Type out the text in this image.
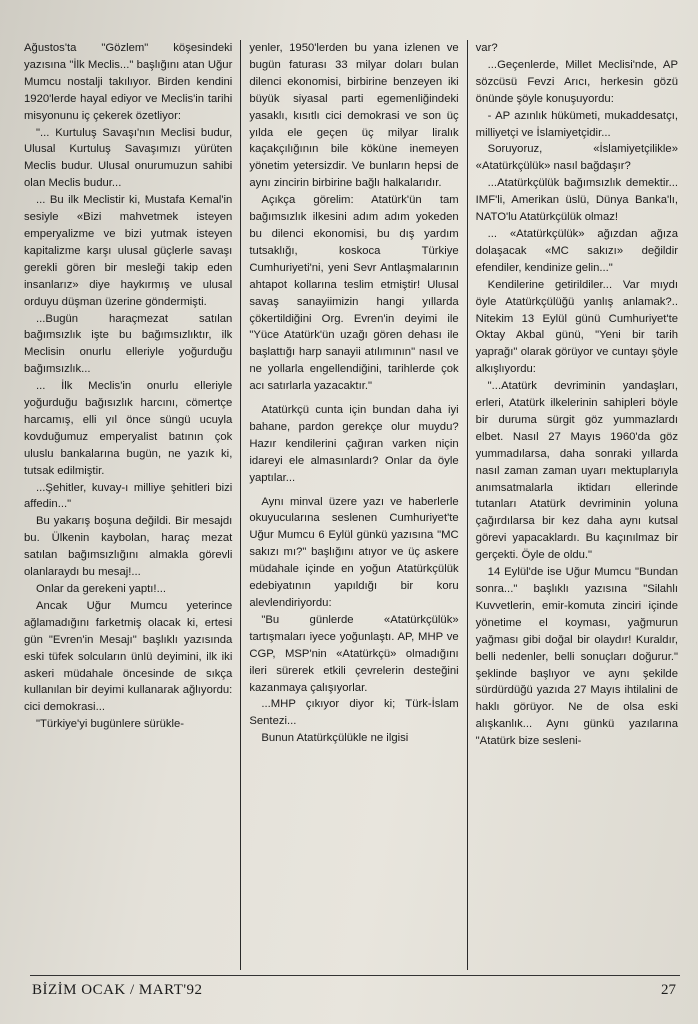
Ağustos'ta "Gözlem" köşesindeki yazısına "İlk Meclis..." başlığını atan Uğur Mumcu nostalji takılıyor. Birden kendini 1920'lerde hayal ediyor ve Meclis'in tarihi misyonunu iç çekerek özetliyor:

"... Kurtuluş Savaşı'nın Meclisi budur, Ulusal Kurtuluş Savaşımızı yürüten Meclis budur. Ulusal onurumuzun sahibi olan Meclis budur...

... Bu ilk Meclistir ki, Mustafa Kemal'in sesiyle «Bizi mahvetmek isteyen emperyalizme ve bizi yutmak isteyen kapitalizme karşı ulusal güçlerle savaşı gerekli gören bir mesleği takip eden insanlarız» diye haykırmış ve ulusal orduyu düşman üzerine göndermişti.

...Bugün haraçmezat satılan bağımsızlık işte bu bağımsızlıktır, ilk Meclisin onurlu elleriyle yoğurduğu bağımsızlık...

... İlk Meclis'in onurlu elleriyle yoğurduğu bağısızlık harcını, cömertçe harcamış, elli yıl önce süngü ucuyla kovduğumuz emperyalist batının çok uluslu bankalarına bugün, ne yazık ki, tutsak edilmiştir.

...Şehitler, kuvay-ı milliye şehitleri bizi affedin..."

Bu yakarış boşuna değildi. Bir mesajdı bu. Ülkenin kaybolan, haraç mezat satılan bağımsızlığını almakla görevli olanlaraydı bu mesaj!...

Onlar da gerekeni yaptı!...

Ancak Uğur Mumcu yeterince ağlamadığını farketmiş olacak ki, ertesi gün "Evren'in Mesajı" başlıklı yazısında eski tüfek solcuların ünlü deyimini, ilk iki askeri müdahale öncesinde de sıkça kullanılan bir deyimi kullanarak ağlıyordu: cici demokrasi...

"Türkiye'yi bugünlere sürükle-

yenler, 1950'lerden bu yana izlenen ve bugün faturası 33 milyar doları bulan dilenci ekonomisi, birbirine benzeyen iki büyük siyasal parti egemenliğindeki yasaklı, kısıtlı cici demokrasi ve son üç yılda ele geçen üç milyar liralık kaçakçılığının bile köküne inemeyen yönetim yetersizdir. Ve bunların hepsi de aynı zincirin birbirine bağlı halkalarıdır.

Açıkça görelim: Atatürk'ün tam bağımsızlık ilkesini adım adım yokeden bu dilenci ekonomisi, bu dış yardım tutsaklığı, koskoca Türkiye Cumhuriyeti'ni, yeni Sevr Antlaşmalarının ahtapot kollarına teslim etmiştir! Ulusal savaş sanayiimizin hangi yıllarda çökertildiğini Org. Evren'in deyimi ile "Yüce Atatürk'ün uzağı gören dehası ile başlattığı harp sanayii atılımının" nasıl ve ne yollarla engellendiğini, tarihlerde çok acı satırlarla yazacaktır."

Atatürkçü cunta için bundan daha iyi bahane, pardon gerekçe olur muydu? Hazır kendilerini çağıran varken niçin idareyi ele almasınlardı? Onlar da öyle yaptılar...

Aynı minval üzere yazı ve haberlerle okuyucularına seslenen Cumhuriyet'te Uğur Mumcu 6 Eylül günkü yazısına "MC sakızı mı?" başlığını atıyor ve üç askere müdahale içinde en yoğun Atatürkçülük edebiyatının yapıldığı bir koru alevlendiriyordu:

"Bu günlerde «Atatürkçülük» tartışmaları iyece yoğunlaştı. AP, MHP ve CGP, MSP'nin «Atatürkçü» olmadığını ileri sürerek etkili çevrelerin desteğini kazanmaya çalışıyorlar.

...MHP çıkıyor diyor ki; Türk-İslam Sentezi...

Bunun Atatürkçülükle ne ilgisi

var?

...Geçenlerde, Millet Meclisi'nde, AP sözcüsü Fevzi Arıcı, herkesin gözü önünde şöyle konuşuyordu:

- AP azınlık hükümeti, mukaddesatçı, milliyetçi ve İslamiyetçidir...

Soruyoruz, «İslamiyetçilikle» «Atatürkçülük» nasıl bağdaşır?

...Atatürkçülük bağımsızlık demektir... IMF'li, Amerikan üslü, Dünya Banka'lı, NATO'lu Atatürkçülük olmaz!

... «Atatürkçülük» ağızdan ağıza dolaşacak «MC sakızı» değildir efendiler, kendinize gelin..."

Kendilerine getirildiler... Var mıydı öyle Atatürkçülüğü yanlış anlamak?.. Nitekim 13 Eylül günü Cumhuriyet'te Oktay Akbal günü, "Yeni bir tarih yaprağı" olarak görüyor ve cuntayı şöyle alkışlıyordu:

"...Atatürk devriminin yandaşları, erleri, Atatürk ilkelerinin sahipleri böyle bir duruma sürgit göz yummazlardı elbet. Nasıl 27 Mayıs 1960'da göz yummadılarsa, daha sonraki yıllarda nasıl zaman zaman uyarı mektuplarıyla anımsatmalarla iktidarı ellerinde tutanları Atatürk devriminin yoluna çağırdılarsa bir kez daha aynı kutsal görevi yapacaklardı. Bu kaçınılmaz bir gerçekti. Öyle de oldu."

14 Eylül'de ise Uğur Mumcu "Bundan sonra..." başlıklı yazısına "Silahlı Kuvvetlerin, emir-komuta zinciri içinde yönetime el koyması, yağmurun yağması gibi doğal bir olaydır! Kuraldır, belli nedenler, belli sonuçları doğurur." şeklinde başlıyor ve aynı şekilde sürdürdüğü yazıda 27 Mayıs ihtilalini de haklı görüyor. Ne de olsa eski alışkanlık... Aynı günkü yazılarına "Atatürk bize sesleni-

BİZİM OCAK / MART'92	27
